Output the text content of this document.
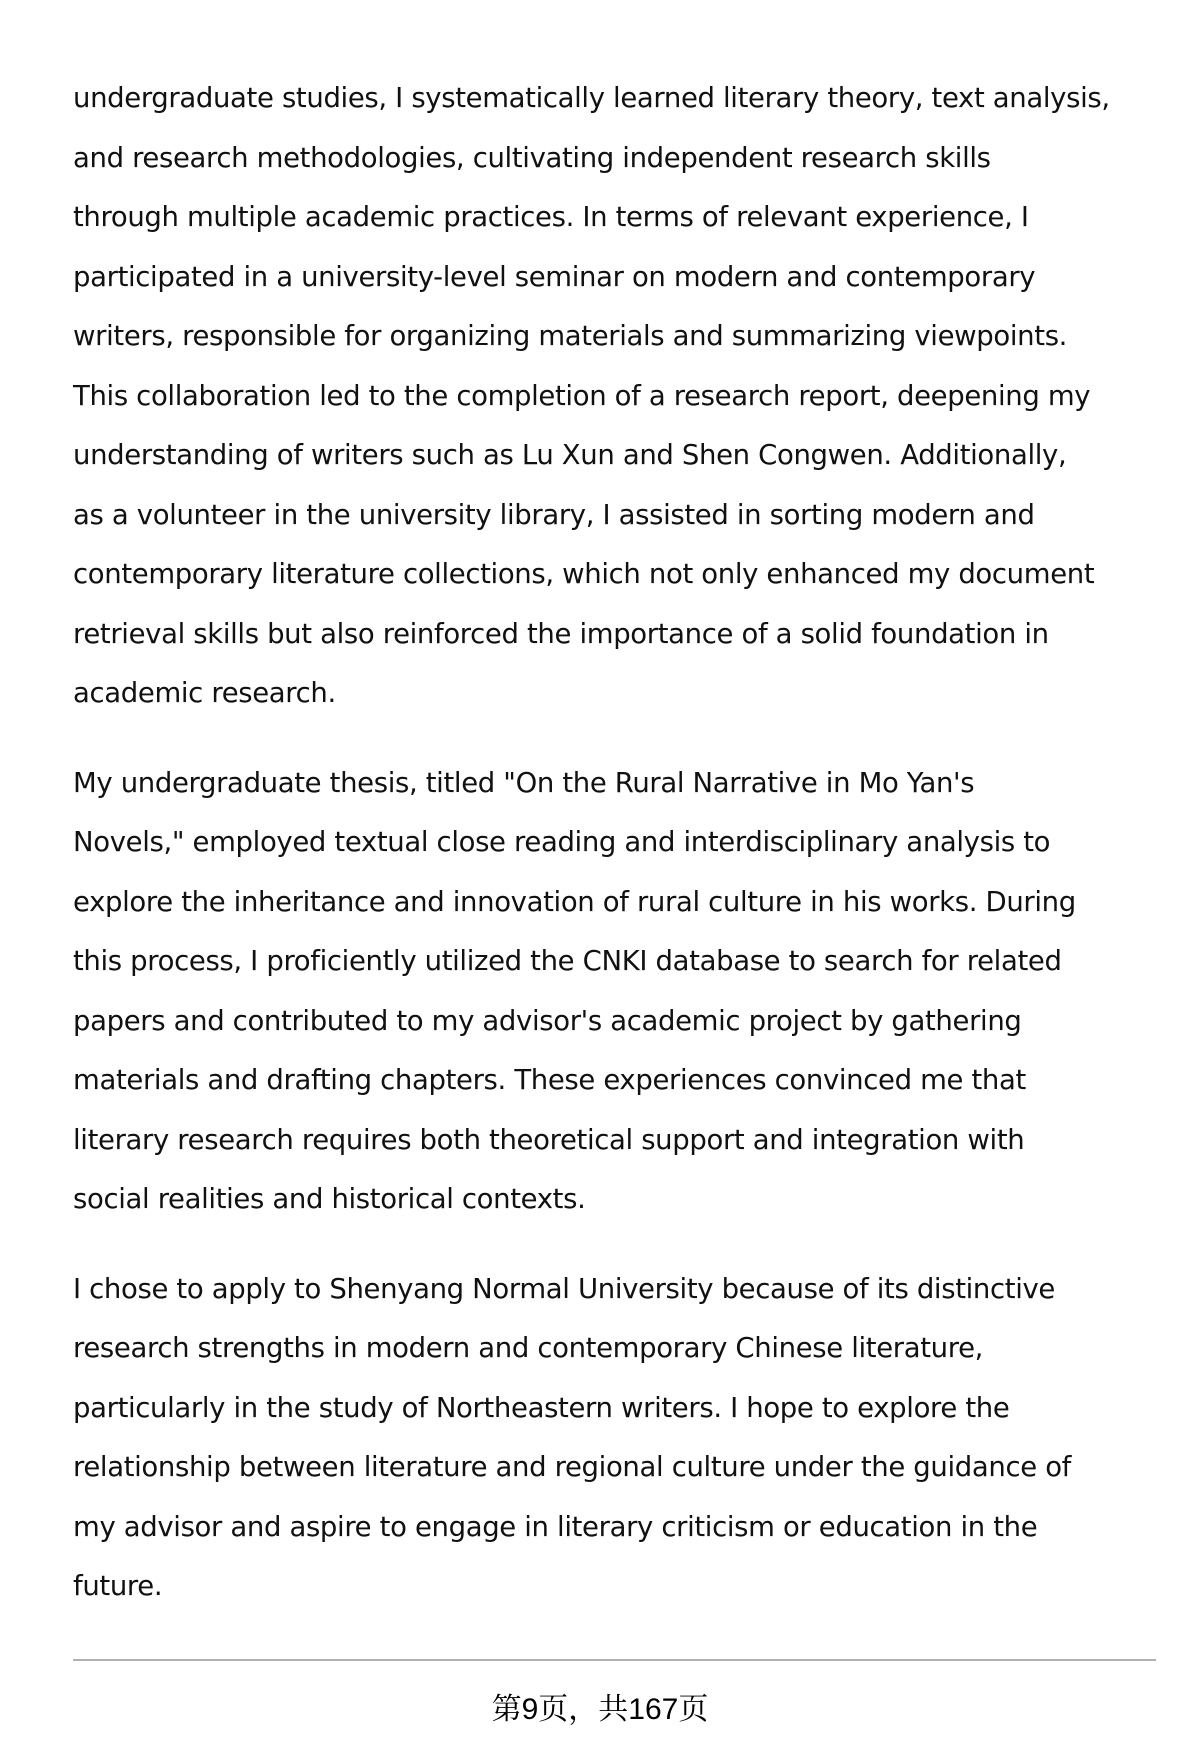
undergraduate studies, I systematically learned literary theory, text analysis,
and research methodologies, cultivating independent research skills
through multiple academic practices. In terms of relevant experience, I
participated in a university-level seminar on modern and contemporary
writers, responsible for organizing materials and summarizing viewpoints.
This collaboration led to the completion of a research report, deepening my
understanding of writers such as Lu Xun and Shen Congwen. Additionally,
as a volunteer in the university library, I assisted in sorting modern and
contemporary literature collections, which not only enhanced my document
retrieval skills but also reinforced the importance of a solid foundation in
academic research.
My undergraduate thesis, titled "On the Rural Narrative in Mo Yan's
Novels," employed textual close reading and interdisciplinary analysis to
explore the inheritance and innovation of rural culture in his works. During
this process, I proficiently utilized the CNKI database to search for related
papers and contributed to my advisor's academic project by gathering
materials and drafting chapters. These experiences convinced me that
literary research requires both theoretical support and integration with
social realities and historical contexts.
I chose to apply to Shenyang Normal University because of its distinctive
research strengths in modern and contemporary Chinese literature,
particularly in the study of Northeastern writers. I hope to explore the
relationship between literature and regional culture under the guidance of
my advisor and aspire to engage in literary criticism or education in the
future.
第9页，共167页
